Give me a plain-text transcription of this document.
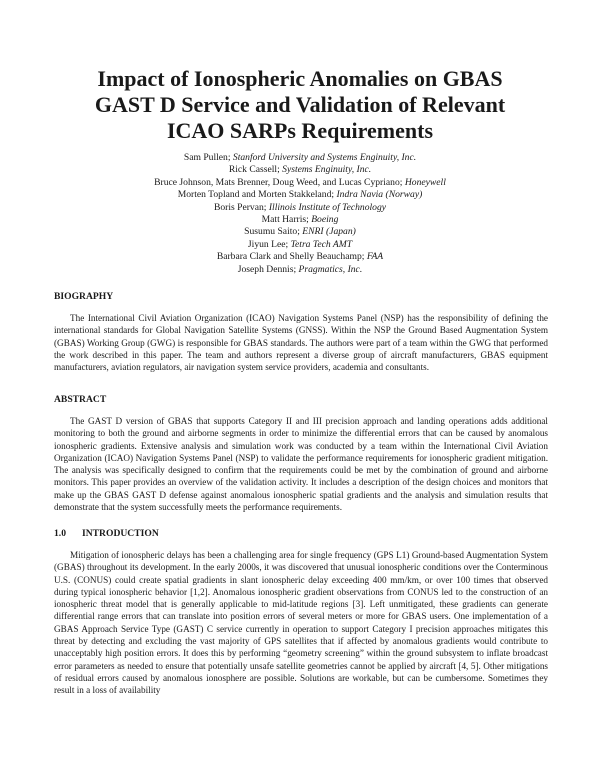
Impact of Ionospheric Anomalies on GBAS
GAST D Service and Validation of Relevant
ICAO SARPs Requirements
Sam Pullen; Stanford University and Systems Enginuity, Inc.
Rick Cassell; Systems Enginuity, Inc.
Bruce Johnson, Mats Brenner, Doug Weed, and Lucas Cypriano; Honeywell
Morten Topland and Morten Stakkeland; Indra Navia (Norway)
Boris Pervan; Illinois Institute of Technology
Matt Harris; Boeing
Susumu Saito; ENRI (Japan)
Jiyun Lee; Tetra Tech AMT
Barbara Clark and Shelly Beauchamp; FAA
Joseph Dennis; Pragmatics, Inc.
BIOGRAPHY

The International Civil Aviation Organization (ICAO) Navigation Systems Panel (NSP) has the responsibility of defining the international standards for Global Navigation Satellite Systems (GNSS). Within the NSP the Ground Based Augmentation System (GBAS) Working Group (GWG) is responsible for GBAS standards. The authors were part of a team within the GWG that performed the work described in this paper. The team and authors represent a diverse group of aircraft manufacturers, GBAS equipment manufacturers, aviation regulators, air navigation system service providers, academia and consultants.

ABSTRACT

The GAST D version of GBAS that supports Category II and III precision approach and landing operations adds additional monitoring to both the ground and airborne segments in order to minimize the differential errors that can be caused by anomalous ionospheric gradients. Extensive analysis and simulation work was conducted by a team within the International Civil Aviation Organization (ICAO) Navigation Systems Panel (NSP) to validate the performance requirements for ionospheric gradient mitigation. The analysis was specifically designed to confirm that the requirements could be met by the combination of ground and airborne monitors. This paper provides an overview of the validation activity. It includes a description of the design choices and monitors that make up the GBAS GAST D defense against anomalous ionospheric spatial gradients and the analysis and simulation results that demonstrate that the system successfully meets the performance requirements.

1.0 INTRODUCTION

Mitigation of ionospheric delays has been a challenging area for single frequency (GPS L1) Ground-based Augmentation System (GBAS) throughout its development. In the early 2000s, it was discovered that unusual ionospheric conditions over the Conterminous U.S. (CONUS) could create spatial gradients in slant ionospheric delay exceeding 400 mm/km, or over 100 times that observed during typical ionospheric behavior [1,2]. Anomalous ionospheric gradient observations from CONUS led to the construction of an ionospheric threat model that is generally applicable to mid-latitude regions [3]. Left unmitigated, these gradients can generate differential range errors that can translate into position errors of several meters or more for GBAS users. One implementation of a GBAS Approach Service Type (GAST) C service currently in operation to support Category I precision approaches mitigates this threat by detecting and excluding the vast majority of GPS satellites that if affected by anomalous gradients would contribute to unacceptably high position errors. It does this by performing “geometry screening” within the ground subsystem to inflate broadcast error parameters as needed to ensure that potentially unsafe satellite geometries cannot be applied by aircraft [4, 5]. Other mitigations of residual errors caused by anomalous ionosphere are possible. Solutions are workable, but can be cumbersome. Sometimes they result in a loss of availability
